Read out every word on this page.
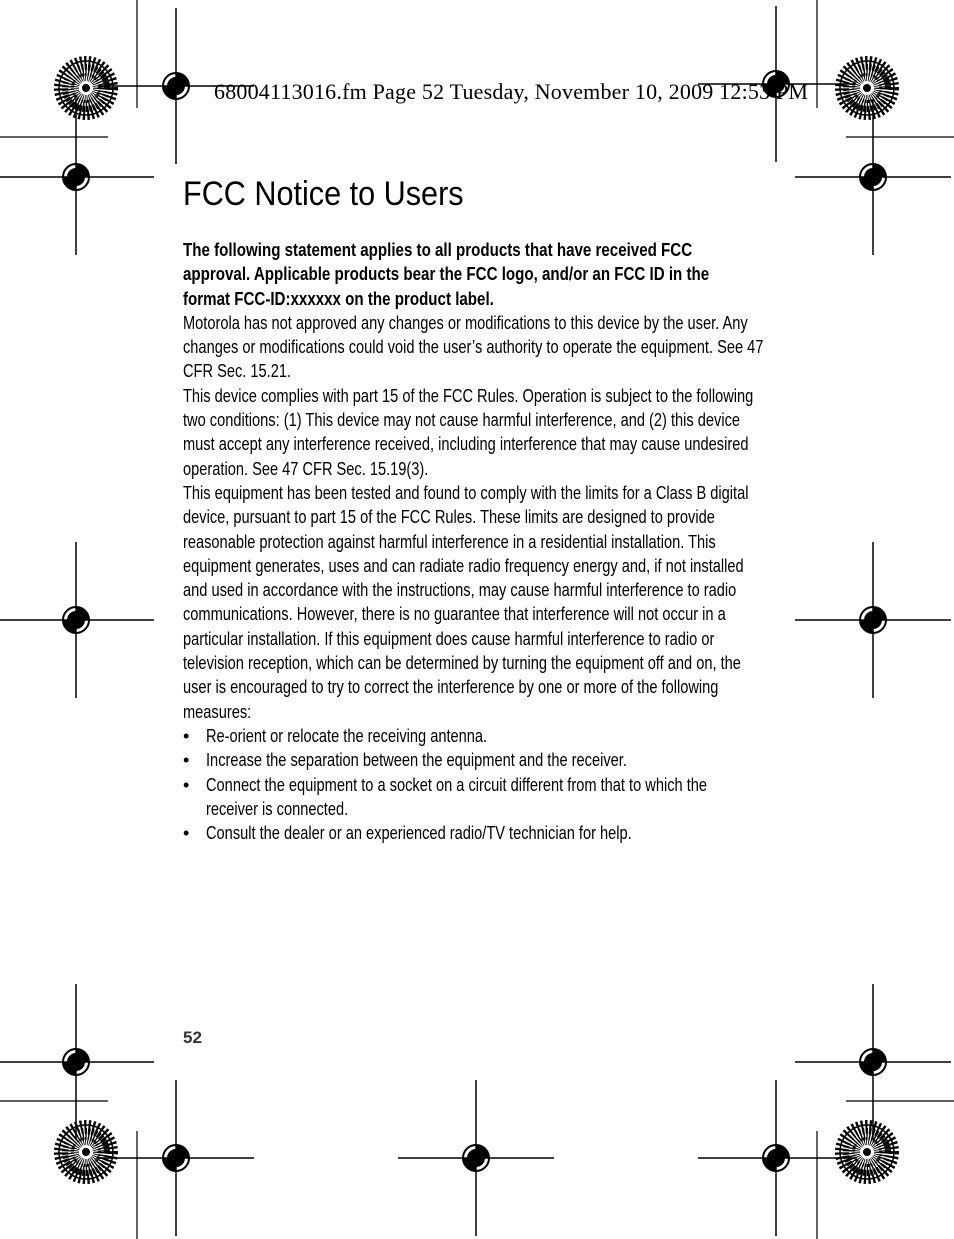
68004113016.fm Page 52 Tuesday, November 10, 2009 12:53 PM
FCC Notice to Users

The following statement applies to all products that have received FCC approval. Applicable products bear the FCC logo, and/or an FCC ID in the format FCC-ID:xxxxxx on the product label.

Motorola has not approved any changes or modifications to this device by the user. Any changes or modifications could void the user’s authority to operate the equipment. See 47 CFR Sec. 15.21.

This device complies with part 15 of the FCC Rules. Operation is subject to the following two conditions: (1) This device may not cause harmful interference, and (2) this device must accept any interference received, including interference that may cause undesired operation. See 47 CFR Sec. 15.19(3).

This equipment has been tested and found to comply with the limits for a Class B digital device, pursuant to part 15 of the FCC Rules. These limits are designed to provide reasonable protection against harmful interference in a residential installation. This equipment generates, uses and can radiate radio frequency energy and, if not installed and used in accordance with the instructions, may cause harmful interference to radio communications. However, there is no guarantee that interference will not occur in a particular installation. If this equipment does cause harmful interference to radio or television reception, which can be determined by turning the equipment off and on, the user is encouraged to try to correct the interference by one or more of the following measures:

• Re-orient or relocate the receiving antenna.
• Increase the separation between the equipment and the receiver.
• Connect the equipment to a socket on a circuit different from that to which the receiver is connected.
• Consult the dealer or an experienced radio/TV technician for help.
52
